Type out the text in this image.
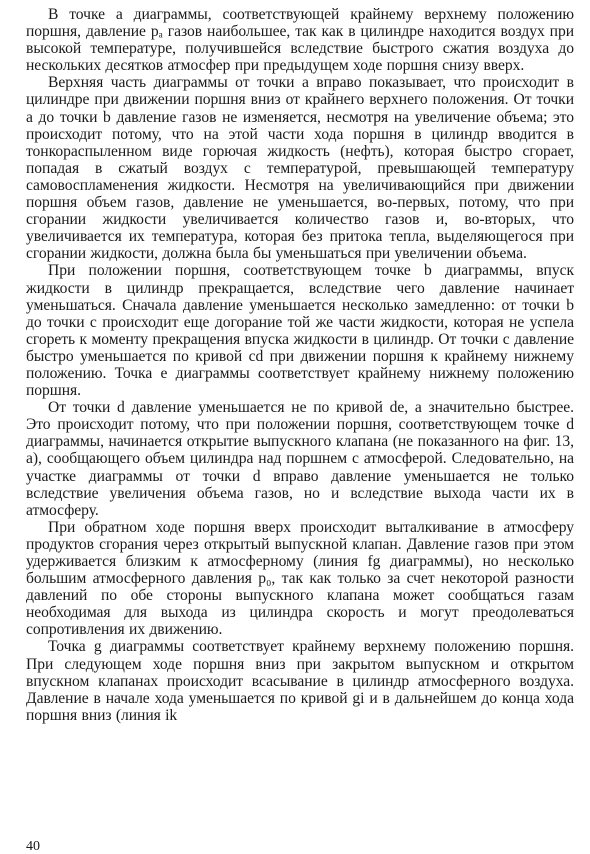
В точке a диаграммы, соответствующей крайнему верхнему положению поршня, давление pₐ газов наибольшее, так как в цилиндре находится воздух при высокой температуре, получившейся вследствие быстрого сжатия воздуха до нескольких десятков атмосфер при предыдущем ходе поршня снизу вверх.

Верхняя часть диаграммы от точки a вправо показывает, что происходит в цилиндре при движении поршня вниз от крайнего верхнего положения. От точки a до точки b давление газов не изменяется, несмотря на увеличение объема; это происходит потому, что на этой части хода поршня в цилиндр вводится в тонкораспыленном виде горючая жидкость (нефть), которая быстро сгорает, попадая в сжатый воздух с температурой, превышающей температуру самовоспламенения жидкости. Несмотря на увеличивающийся при движении поршня объем газов, давление не уменьшается, во-первых, потому, что при сгорании жидкости увеличивается количество газов и, во-вторых, что увеличивается их температура, которая без притока тепла, выделяющегося при сгорании жидкости, должна была бы уменьшаться при увеличении объема.

При положении поршня, соответствующем точке b диаграммы, впуск жидкости в цилиндр прекращается, вследствие чего давление начинает уменьшаться. Сначала давление уменьшается несколько замедленно: от точки b до точки c происходит еще догорание той же части жидкости, которая не успела сгореть к моменту прекращения впуска жидкости в цилиндр. От точки c давление быстро уменьшается по кривой cd при движении поршня к крайнему нижнему положению. Точка e диаграммы соответствует крайнему нижнему положению поршня.

От точки d давление уменьшается не по кривой de, а значительно быстрее. Это происходит потому, что при положении поршня, соответствующем точке d диаграммы, начинается открытие выпускного клапана (не показанного на фиг. 13, a), сообщающего объем цилиндра над поршнем с атмосферой. Следовательно, на участке диаграммы от точки d вправо давление уменьшается не только вследствие увеличения объема газов, но и вследствие выхода части их в атмосферу.

При обратном ходе поршня вверх происходит выталкивание в атмосферу продуктов сгорания через открытый выпускной клапан. Давление газов при этом удерживается близким к атмосферному (линия fg диаграммы), но несколько большим атмосферного давления p₀, так как только за счет некоторой разности давлений по обе стороны выпускного клапана может сообщаться газам необходимая для выхода из цилиндра скорость и могут преодолеваться сопротивления их движению.

Точка g диаграммы соответствует крайнему верхнему положению поршня. При следующем ходе поршня вниз при закрытом выпускном и открытом впускном клапанах происходит всасывание в цилиндр атмосферного воздуха. Давление в начале хода уменьшается по кривой gi и в дальнейшем до конца хода поршня вниз (линия ik

40
